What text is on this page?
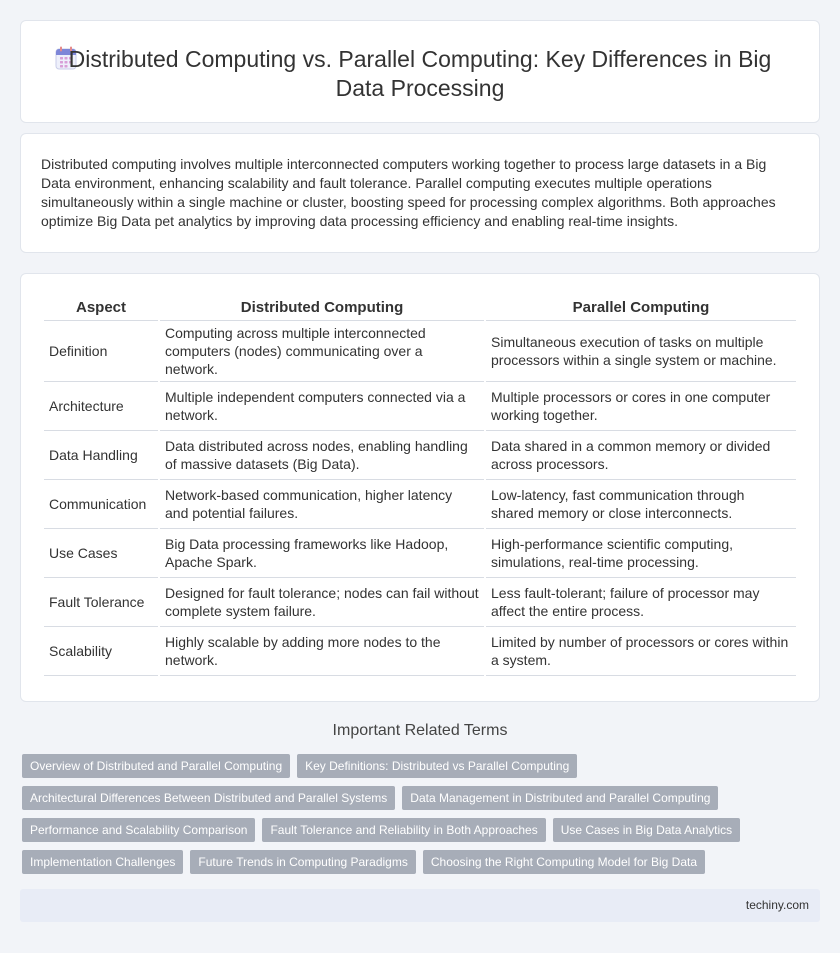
Distributed Computing vs. Parallel Computing: Key Differences in Big Data Processing

Distributed computing involves multiple interconnected computers working together to process large datasets in a Big Data environment, enhancing scalability and fault tolerance. Parallel computing executes multiple operations simultaneously within a single machine or cluster, boosting speed for processing complex algorithms. Both approaches optimize Big Data pet analytics by improving data processing efficiency and enabling real-time insights.

Aspect	Distributed Computing	Parallel Computing
Definition	Computing across multiple interconnected computers (nodes) communicating over a network.	Simultaneous execution of tasks on multiple processors within a single system or machine.
Architecture	Multiple independent computers connected via a network.	Multiple processors or cores in one computer working together.
Data Handling	Data distributed across nodes, enabling handling of massive datasets (Big Data).	Data shared in a common memory or divided across processors.
Communication	Network-based communication, higher latency and potential failures.	Low-latency, fast communication through shared memory or close interconnects.
Use Cases	Big Data processing frameworks like Hadoop, Apache Spark.	High-performance scientific computing, simulations, real-time processing.
Fault Tolerance	Designed for fault tolerance; nodes can fail without complete system failure.	Less fault-tolerant; failure of processor may affect the entire process.
Scalability	Highly scalable by adding more nodes to the network.	Limited by number of processors or cores within a system.
Important Related Terms
Overview of Distributed and Parallel Computing	Key Definitions: Distributed vs Parallel Computing
Architectural Differences Between Distributed and Parallel Systems	Data Management in Distributed and Parallel Computing
Performance and Scalability Comparison	Fault Tolerance and Reliability in Both Approaches	Use Cases in Big Data Analytics
Implementation Challenges	Future Trends in Computing Paradigms	Choosing the Right Computing Model for Big Data
techiny.com
